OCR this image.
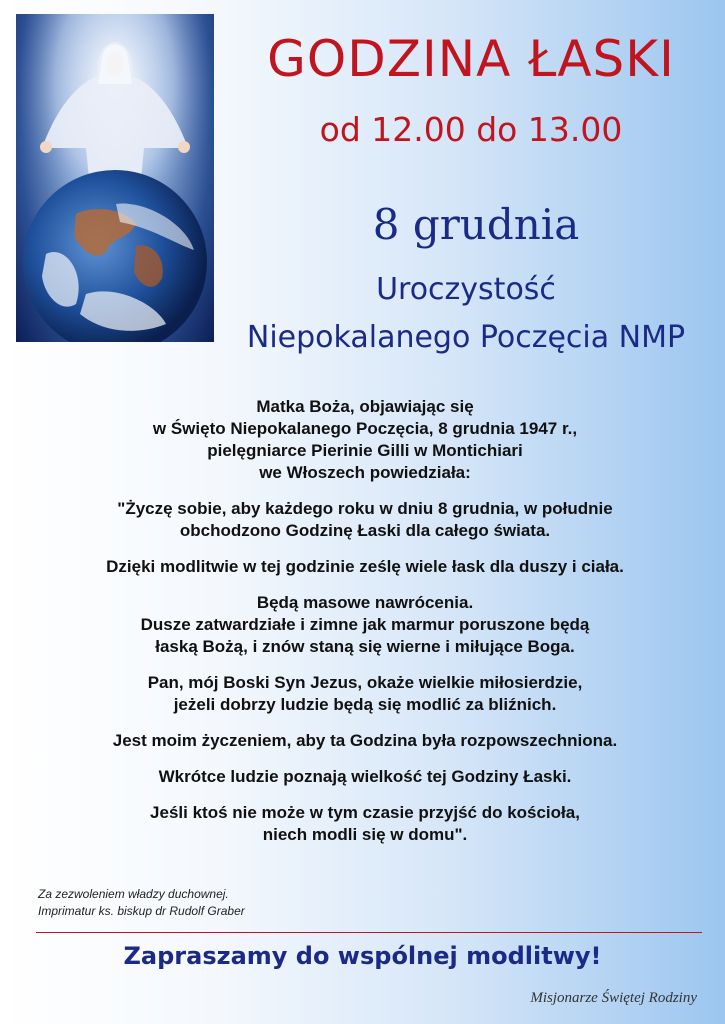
GODZINA ŁASKI
od 12.00 do 13.00
8 grudnia
Uroczystość
Niepokalanego Poczęcia NMP

Matka Boża, objawiając się
w Święto Niepokalanego Poczęcia, 8 grudnia 1947 r.,
pielęgniarce Pierinie Gilli w Montichiari
we Włoszech powiedziała:

"Życzę sobie, aby każdego roku w dniu 8 grudnia, w południe
obchodzono Godzinę Łaski dla całego świata.

Dzięki modlitwie w tej godzinie ześlę wiele łask dla duszy i ciała.

Będą masowe nawrócenia.
Dusze zatwardziałe i zimne jak marmur poruszone będą
łaską Bożą, i znów staną się wierne i miłujące Boga.

Pan, mój Boski Syn Jezus, okaże wielkie miłosierdzie,
jeżeli dobrzy ludzie będą się modlić za bliźnich.

Jest moim życzeniem, aby ta Godzina była rozpowszechniona.

Wkrótce ludzie poznają wielkość tej Godziny Łaski.

Jeśli ktoś nie może w tym czasie przyjść do kościoła,
niech modli się w domu".

Za zezwoleniem władzy duchownej.
Imprimatur ks. biskup dr Rudolf Graber
Zapraszamy do wspólnej modlitwy!
Misjonarze Świętej Rodziny
